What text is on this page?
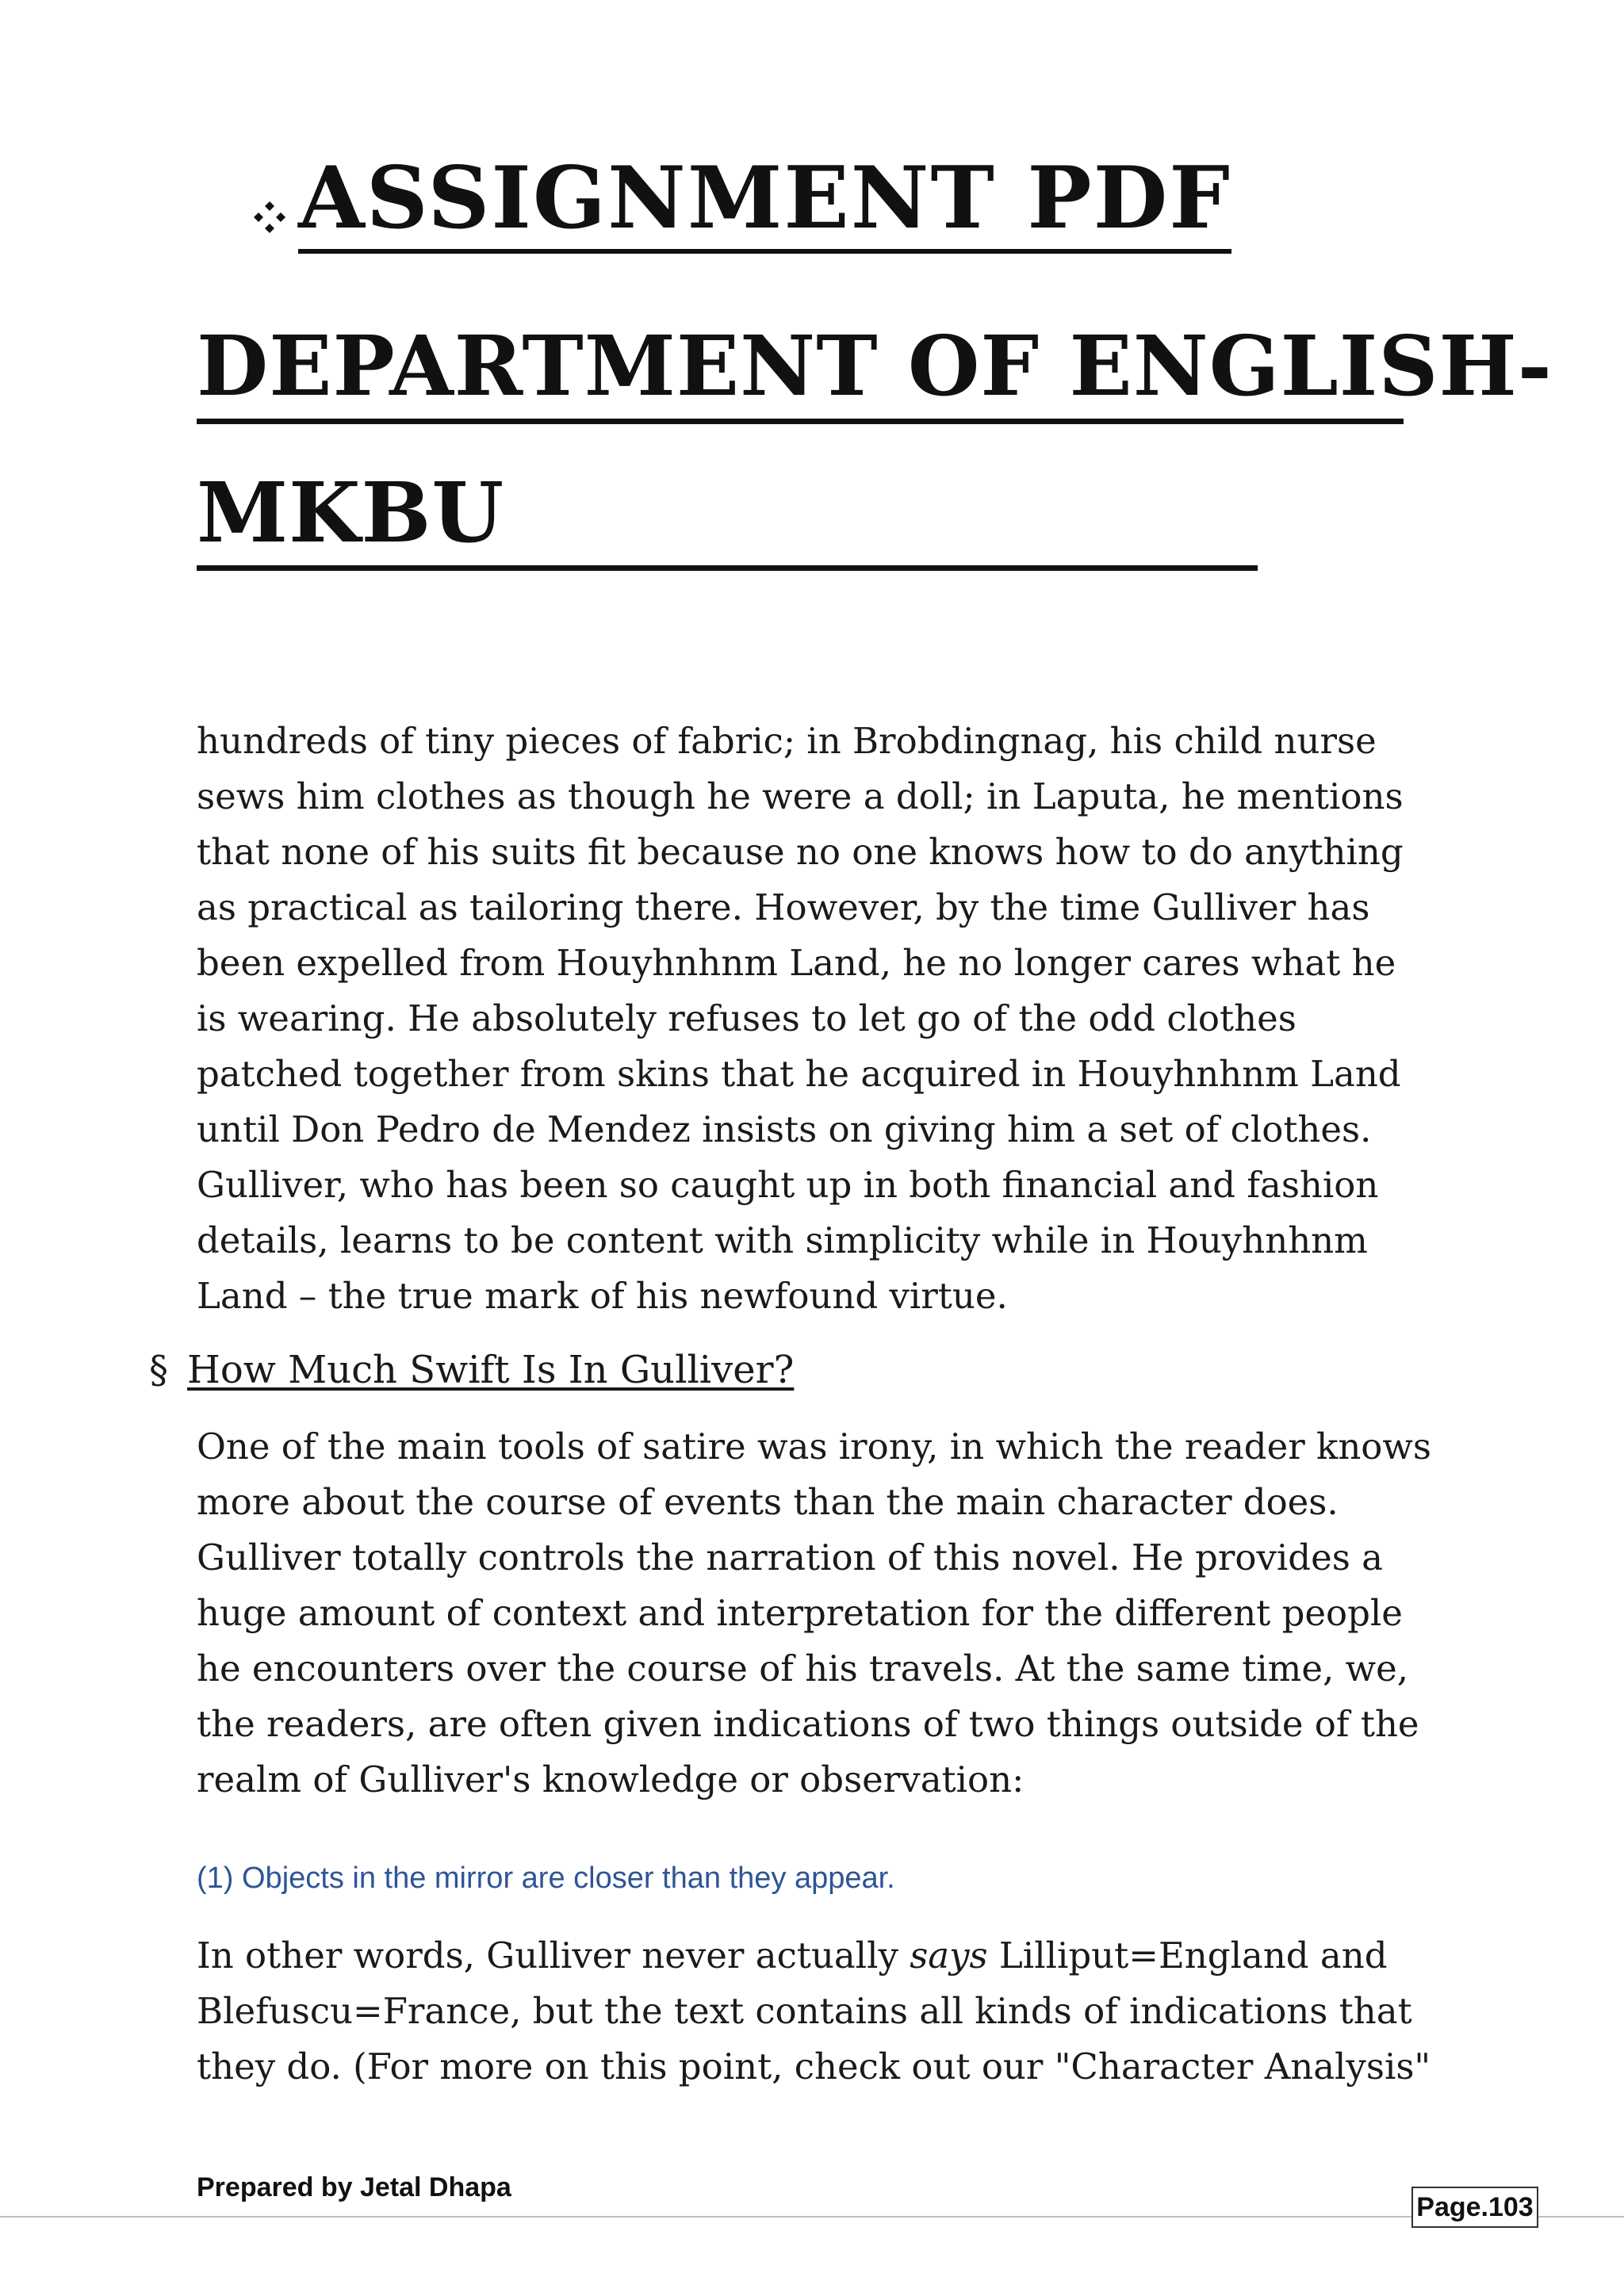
ASSIGNMENT PDF
DEPARTMENT OF ENGLISH-
MKBU
hundreds of tiny pieces of fabric; in Brobdingnag, his child nurse sews him clothes as though he were a doll; in Laputa, he mentions that none of his suits fit because no one knows how to do anything as practical as tailoring there. However, by the time Gulliver has been expelled from Houyhnhnm Land, he no longer cares what he is wearing. He absolutely refuses to let go of the odd clothes patched together from skins that he acquired in Houyhnhnm Land until Don Pedro de Mendez insists on giving him a set of clothes. Gulliver, who has been so caught up in both financial and fashion details, learns to be content with simplicity while in Houyhnhnm Land – the true mark of his newfound virtue.
§ How Much Swift Is In Gulliver?
One of the main tools of satire was irony, in which the reader knows more about the course of events than the main character does. Gulliver totally controls the narration of this novel. He provides a huge amount of context and interpretation for the different people he encounters over the course of his travels. At the same time, we, the readers, are often given indications of two things outside of the realm of Gulliver's knowledge or observation:
(1) Objects in the mirror are closer than they appear.
In other words, Gulliver never actually says Lilliput=England and Blefuscu=France, but the text contains all kinds of indications that they do. (For more on this point, check out our "Character Analysis"
Prepared by Jetal Dhapa
Page.103
